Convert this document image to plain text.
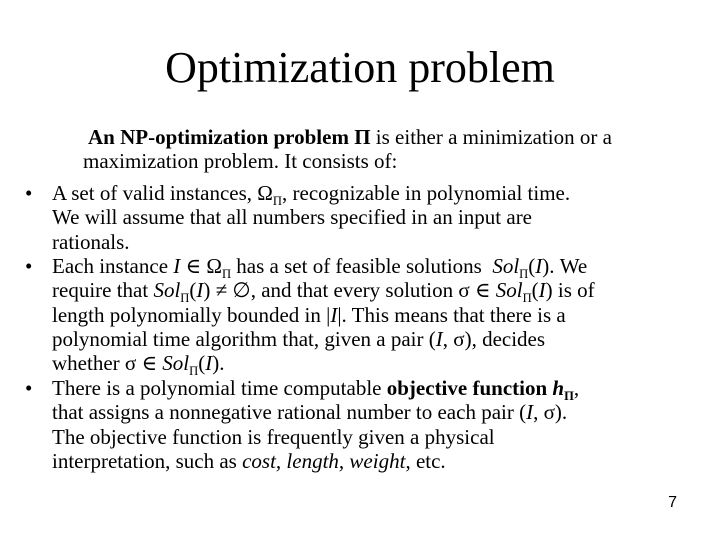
Optimization problem
An NP-optimization problem Π is either a minimization or a
maximization problem. It consists of:
• A set of valid instances, $\Omega_\Pi$, recognizable in polynomial time.
We will assume that all numbers specified in an input are
rationals.
• Each instance I ∈ $\Omega_\Pi$ has a set of feasible solutions  Sol$_\Pi$(I). We
require that Sol$_\Pi$(I) ≠ ∅, and that every solution σ ∈ Sol$_\Pi$(I) is of
length polynomially bounded in |I|. This means that there is a
polynomial time algorithm that, given a pair (I, σ), decides
whether σ ∈ Sol$_\Pi$(I).
• There is a polynomial time computable objective function $h_\Pi$,
that assigns a nonnegative rational number to each pair (I, σ).
The objective function is frequently given a physical
interpretation, such as cost, length, weight, etc.
7
